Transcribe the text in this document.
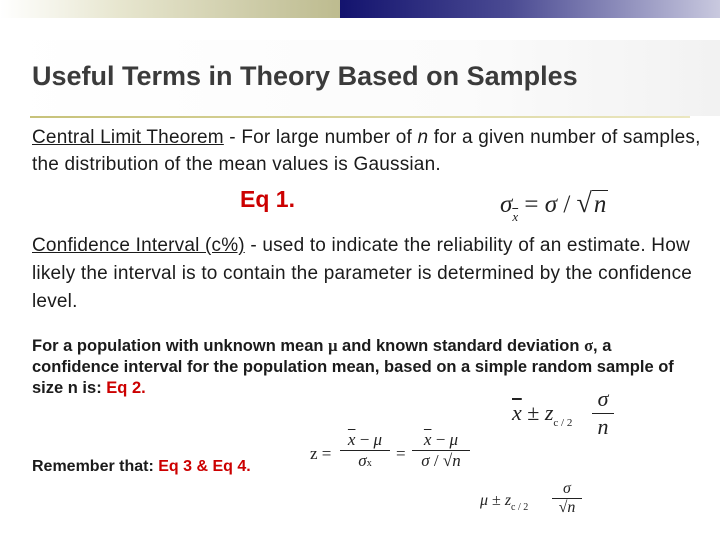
Useful Terms in Theory Based on Samples
Central Limit Theorem - For large number of n for a given number of samples, the distribution of the mean values is Gaussian.
Eq 1.	$\sigma_{\overline{x}} = \sigma / √n$
Confidence Interval (c%) - used to indicate the reliability of an estimate. How likely the interval is to contain the parameter is determined by the confidence level.
For a population with unknown mean μ and known standard deviation σ, a confidence interval for the population mean, based on a simple random sample of size n is: Eq 2.
$\overline{x} \pm z_{c / 2}$
σ
n
Remember that: Eq 3 & Eq 4.
z =
$\overline{x} - \mu$
σx
=
$\overline{x} - \mu$
σ / √n
$\mu \pm z_{c / 2}$
σ
√n
